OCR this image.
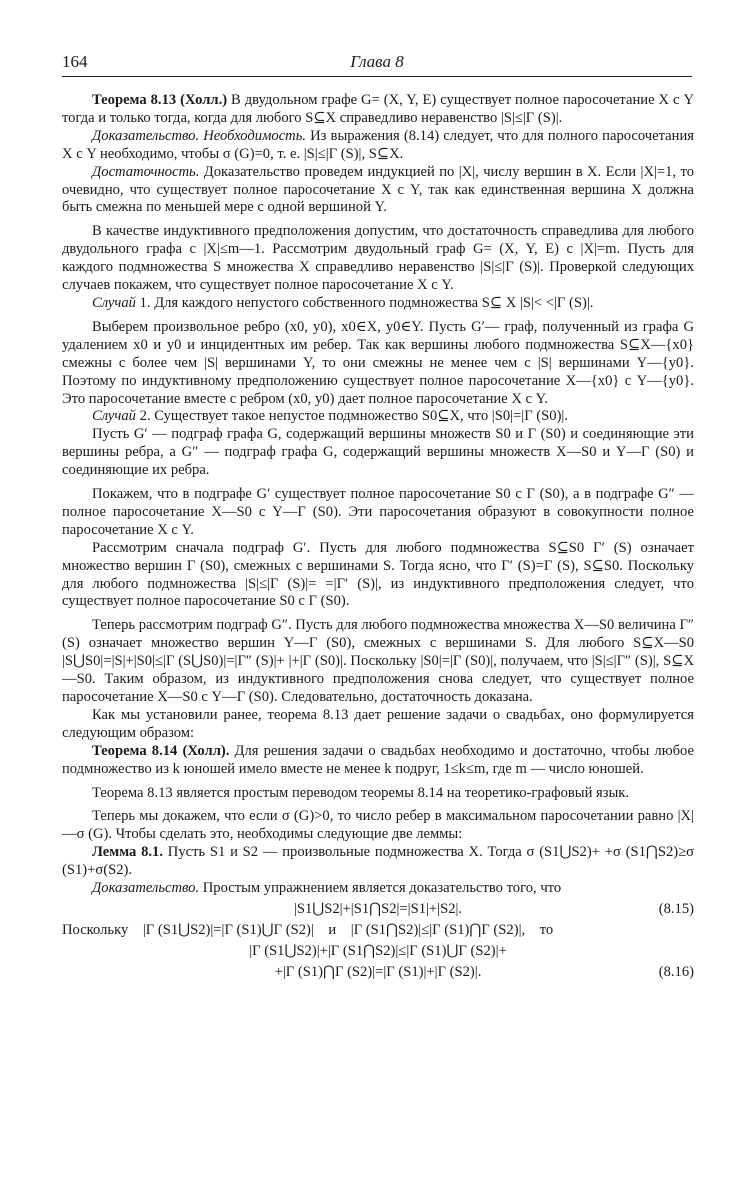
164	Глава 8

Теорема 8.13 (Холл.) В двудольном графе G= (X, Y, E) существует полное паросочетание X с Y тогда и только тогда, когда для любого S⊆X справедливо неравенство |S|≤|Γ (S)|.

Доказательство. Необходимость. Из выражения (8.14) следует, что для полного паросочетания X с Y необходимо, чтобы σ (G)=0, т. е. |S|≤|Γ (S)|, S⊆X.

Достаточность. Доказательство проведем индукцией по |X|, числу вершин в X. Если |X|=1, то очевидно, что существует полное паросочетание X с Y, так как единственная вершина X должна быть смежна по меньшей мере с одной вершиной Y.

В качестве индуктивного предположения допустим, что достаточность справедлива для любого двудольного графа с |X|≤m—1. Рассмотрим двудольный граф G= (X, Y, E) с |X|=m. Пусть для каждого подмножества S множества X справедливо неравенство |S|≤|Γ (S)|. Проверкой следующих случаев покажем, что существует полное паросочетание X с Y.

Случай 1. Для каждого непустого собственного подмножества S⊆ X |S|< <|Γ (S)|.

Выберем произвольное ребро (x0, y0), x0∈X, y0∈Y. Пусть G′— граф, полученный из графа G удалением x0 и y0 и инцидентных им ребер. Так как вершины любого подмножества S⊆X—{x0} смежны с более чем |S| вершинами Y, то они смежны не менее чем с |S| вершинами Y—{y0}. Поэтому по индуктивному предположению существует полное паросочетание X—{x0} с Y—{y0}. Это паросочетание вместе с ребром (x0, y0) дает полное паросочетание X с Y.

Случай 2. Существует такое непустое подмножество S0⊆X, что |S0|=|Γ (S0)|.

Пусть G′ — подграф графа G, содержащий вершины множеств S0 и Γ (S0) и соединяющие эти вершины ребра, а G″ — подграф графа G, содержащий вершины множеств X—S0 и Y—Γ (S0) и соединяющие их ребра.

Покажем, что в подграфе G′ существует полное паросочетание S0 с Γ (S0), а в подграфе G″ — полное паросочетание X—S0 с Y—Γ (S0). Эти паросочетания образуют в совокупности полное паросочетание X с Y.

Рассмотрим сначала подграф G′. Пусть для любого подмножества S⊆S0 Γ′ (S) означает множество вершин Γ (S0), смежных с вершинами S. Тогда ясно, что Γ′ (S)=Γ (S), S⊆S0. Поскольку для любого подмножества |S|≤|Γ (S)|= =|Γ′ (S)|, из индуктивного предположения следует, что существует полное паросочетание S0 с Γ (S0).

Теперь рассмотрим подграф G″. Пусть для любого подмножества множества X—S0 величина Γ″(S) означает множество вершин Y—Γ (S0), смежных с вершинами S. Для любого S⊆X—S0 |S⋃S0|=|S|+|S0|≤|Γ (S⋃S0)|=|Γ″ (S)|+ |+|Γ (S0)|. Поскольку |S0|=|Γ (S0)|, получаем, что |S|≤|Γ″ (S)|, S⊆X—S0. Таким образом, из индуктивного предположения снова следует, что существует полное паросочетание X—S0 с Y—Γ (S0). Следовательно, достаточность доказана.

Как мы установили ранее, теорема 8.13 дает решение задачи о свадьбах, оно формулируется следующим образом:

Теорема 8.14 (Холл). Для решения задачи о свадьбах необходимо и достаточно, чтобы любое подмножество из k юношей имело вместе не менее k подруг, 1≤k≤m, где m — число юношей.

Теорема 8.13 является простым переводом теоремы 8.14 на теоретико-графовый язык.

Теперь мы докажем, что если σ (G)>0, то число ребер в максимальном паросочетании равно |X|—σ (G). Чтобы сделать это, необходимы следующие две леммы:

Лемма 8.1. Пусть S1 и S2 — произвольные подмножества X. Тогда σ (S1⋃S2)+ +σ (S1⋂S2)≥σ (S1)+σ(S2).

Доказательство. Простым упражнением является доказательство того, что

|S1⋃S2|+|S1⋂S2|=|S1|+|S2|.	(8.15)
Поскольку |Γ (S1⋃S2)|=|Γ (S1)⋃Γ (S2)| и |Γ (S1⋂S2)|≤|Γ (S1)⋂Γ (S2)|, то
|Γ (S1⋃S2)|+|Γ (S1⋂S2)|≤|Γ (S1)⋃Γ (S2)|+
+|Γ (S1)⋂Γ (S2)|=|Γ (S1)|+|Γ (S2)|.	(8.16)
